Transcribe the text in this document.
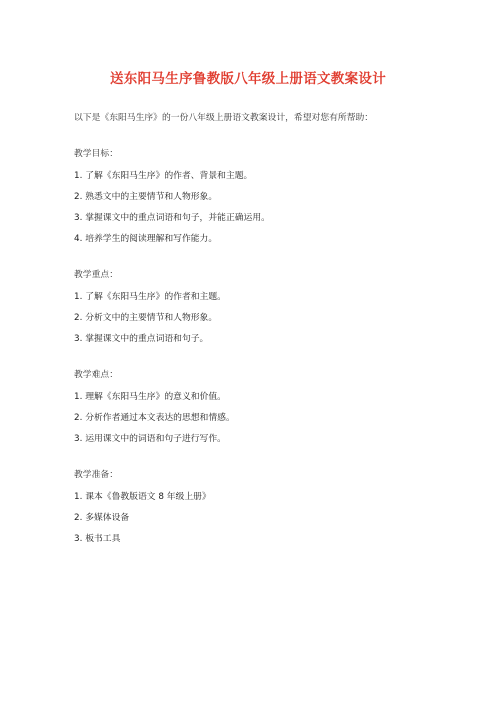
送东阳马生序鲁教版八年级上册语文教案设计
以下是《东阳马生序》的一份八年级上册语文教案设计，希望对您有所帮助：
教学目标：
1. 了解《东阳马生序》的作者、背景和主题。
2. 熟悉文中的主要情节和人物形象。
3. 掌握课文中的重点词语和句子，并能正确运用。
4. 培养学生的阅读理解和写作能力。
教学重点：
1. 了解《东阳马生序》的作者和主题。
2. 分析文中的主要情节和人物形象。
3. 掌握课文中的重点词语和句子。
教学难点：
1. 理解《东阳马生序》的意义和价值。
2. 分析作者通过本文表达的思想和情感。
3. 运用课文中的词语和句子进行写作。
教学准备：
1. 课本《鲁教版语文 8 年级上册》
2. 多媒体设备
3. 板书工具
